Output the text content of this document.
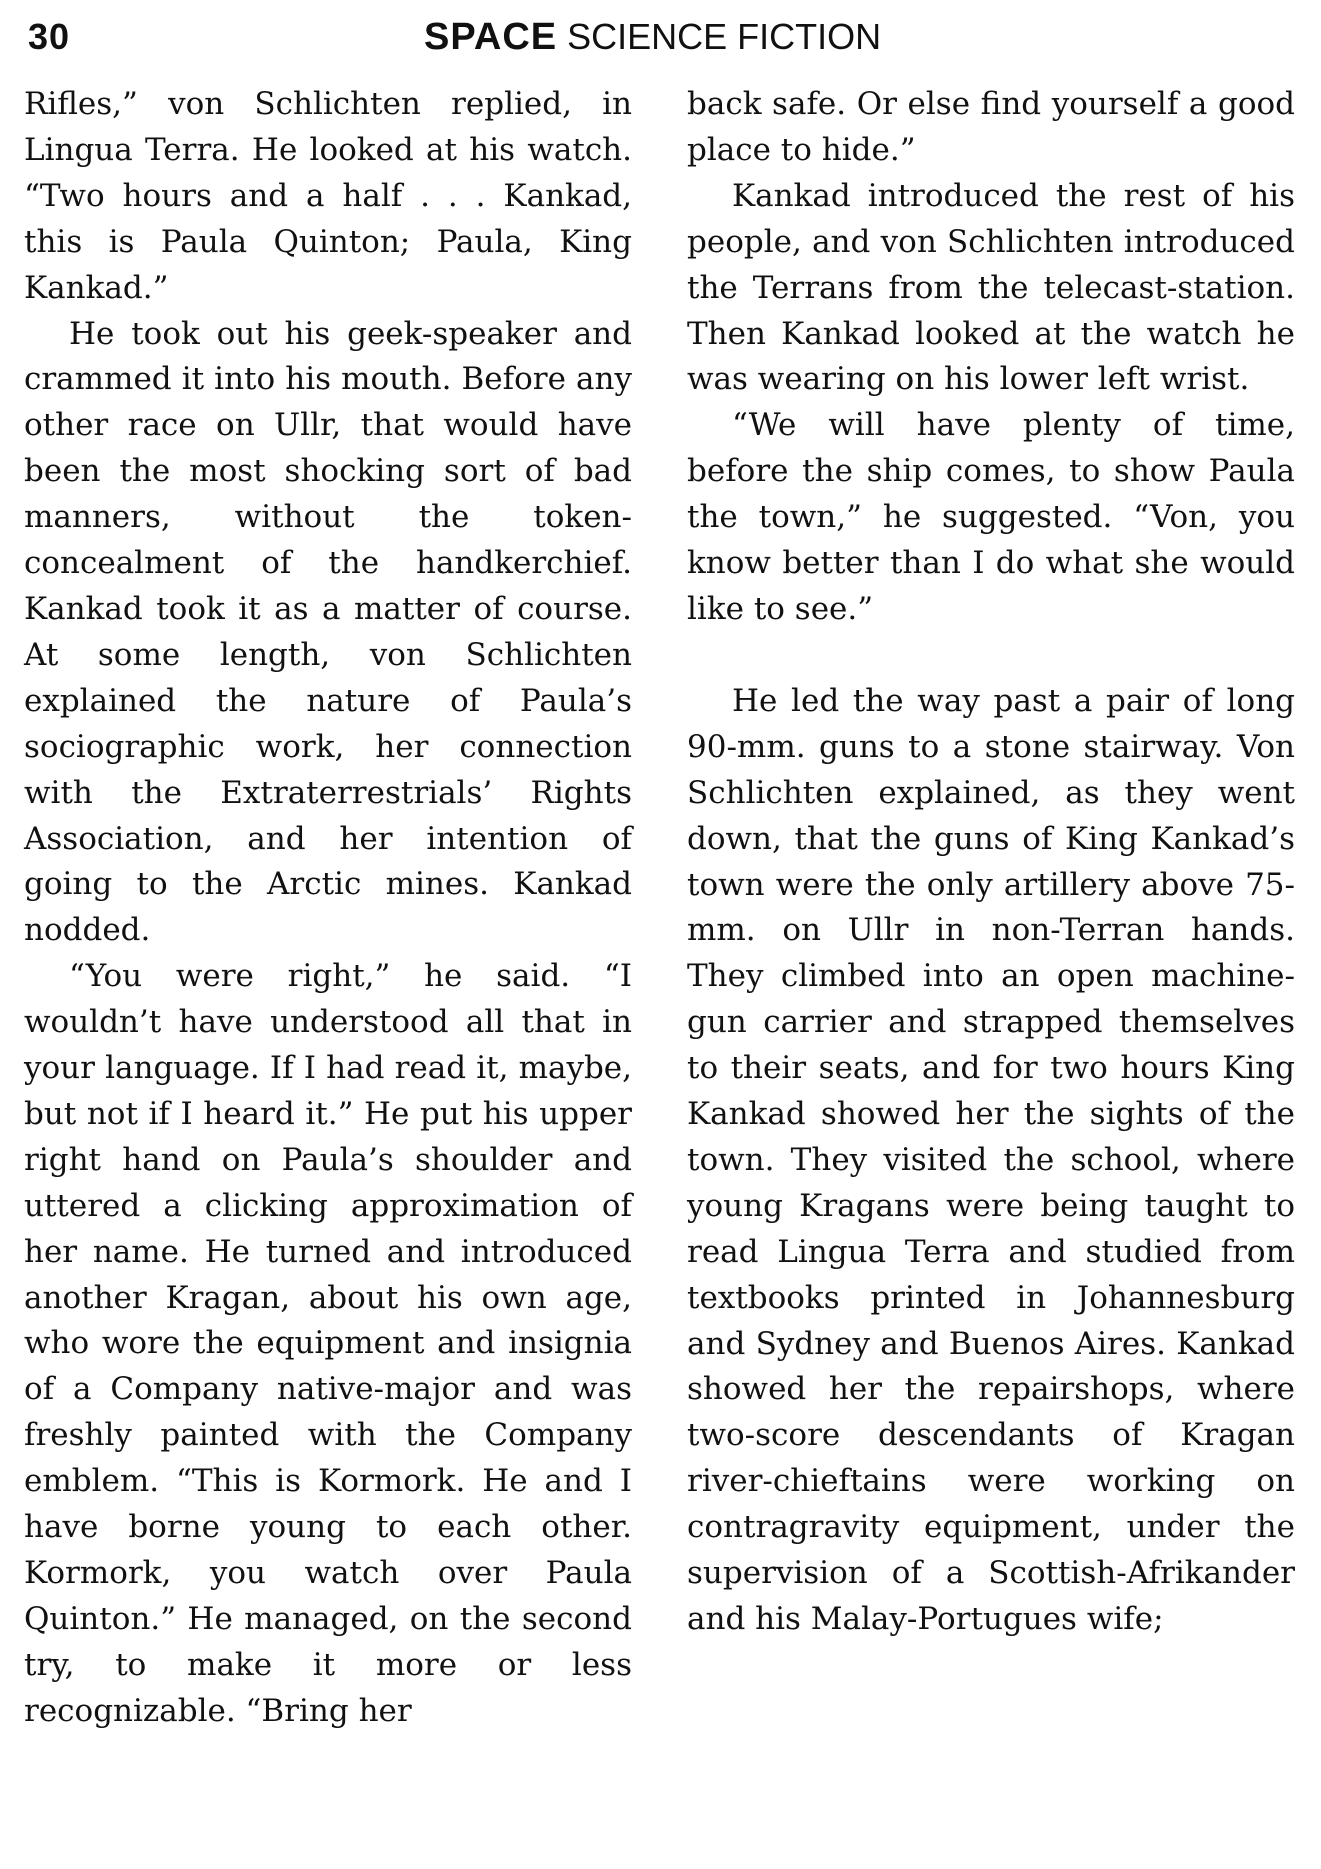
30	SPACE SCIENCE FICTION

Rifles,” von Schlichten replied, in Lingua Terra. He looked at his watch. “Two hours and a half . . . Kankad, this is Paula Quinton; Paula, King Kankad.”

He took out his geek-speaker and crammed it into his mouth. Before any other race on Ullr, that would have been the most shocking sort of bad manners, without the token-concealment of the handkerchief. Kankad took it as a matter of course. At some length, von Schlichten explained the nature of Paula’s sociographic work, her connection with the Extraterrestrials’ Rights Association, and her intention of going to the Arctic mines. Kankad nodded.

“You were right,” he said. “I wouldn’t have understood all that in your language. If I had read it, maybe, but not if I heard it.” He put his upper right hand on Paula’s shoulder and uttered a clicking approximation of her name. He turned and introduced another Kragan, about his own age, who wore the equipment and insignia of a Company native-major and was freshly painted with the Company emblem. “This is Kormork. He and I have borne young to each other. Kormork, you watch over Paula Quinton.” He managed, on the second try, to make it more or less recognizable. “Bring her

back safe. Or else find yourself a good place to hide.”

Kankad introduced the rest of his people, and von Schlichten introduced the Terrans from the telecast-station. Then Kankad looked at the watch he was wearing on his lower left wrist.

“We will have plenty of time, before the ship comes, to show Paula the town,” he suggested. “Von, you know better than I do what she would like to see.”

He led the way past a pair of long 90-mm. guns to a stone stairway. Von Schlichten explained, as they went down, that the guns of King Kankad’s town were the only artillery above 75-mm. on Ullr in non-Terran hands. They climbed into an open machine-gun carrier and strapped themselves to their seats, and for two hours King Kankad showed her the sights of the town. They visited the school, where young Kragans were being taught to read Lingua Terra and studied from textbooks printed in Johannesburg and Sydney and Buenos Aires. Kankad showed her the repairshops, where two-score descendants of Kragan river-chieftains were working on contragravity equipment, under the supervision of a Scottish-Afrikander and his Malay-Portugues wife;
